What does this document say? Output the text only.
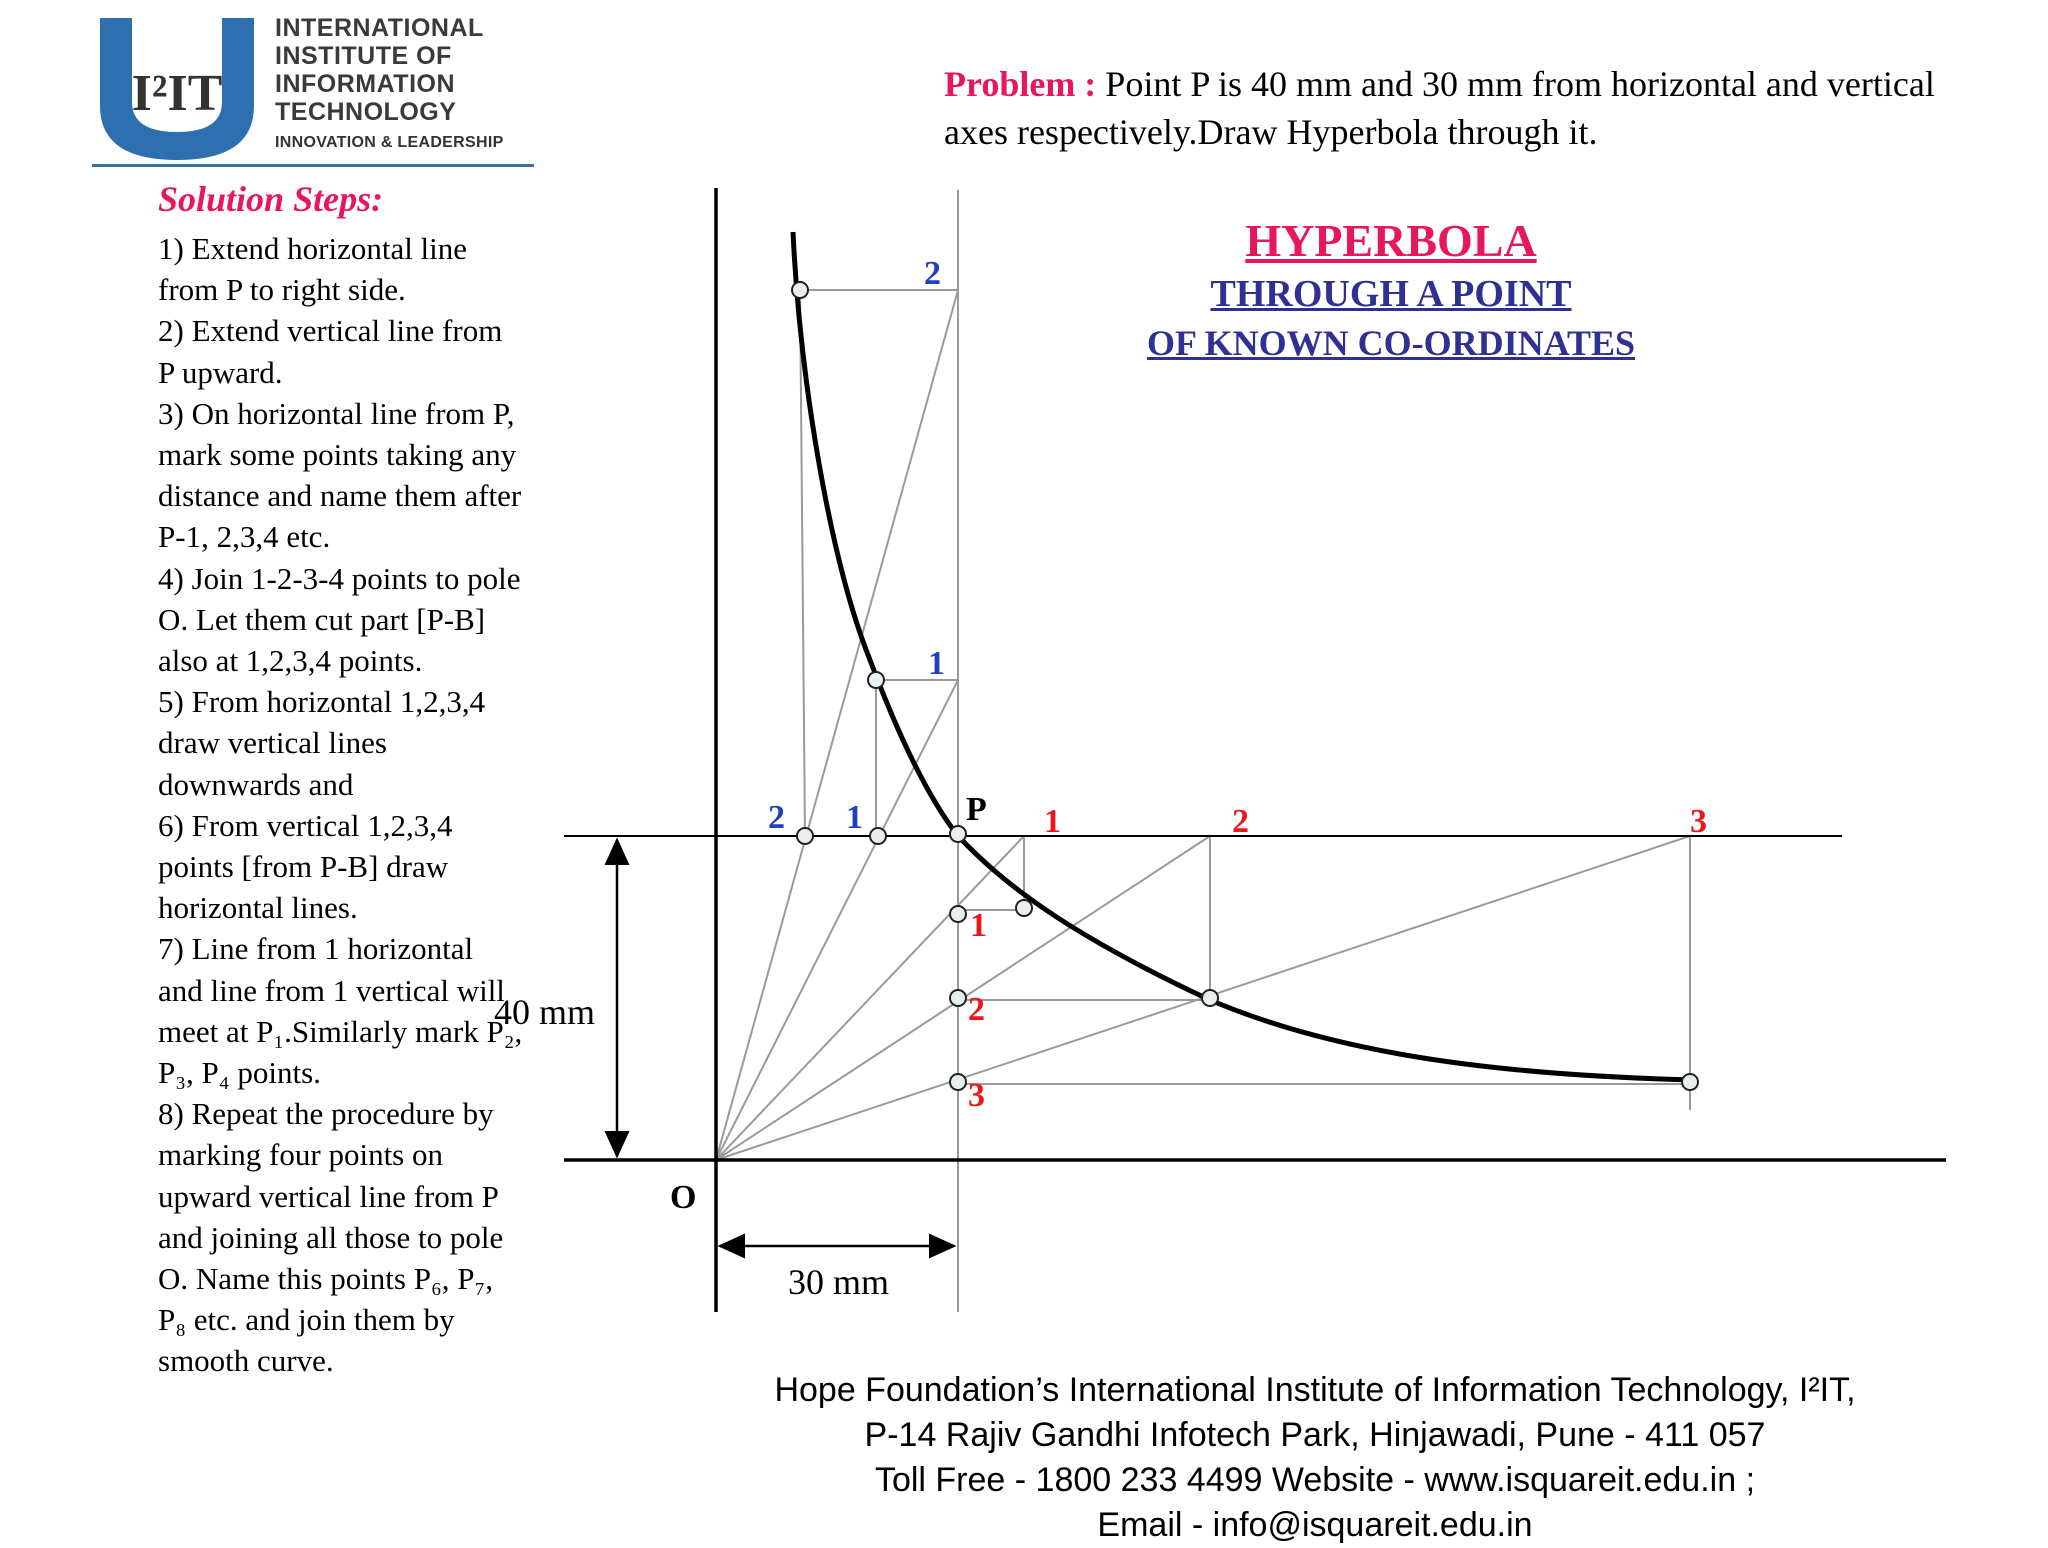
I²IT
INTERNATIONAL
INSTITUTE OF
INFORMATION
TECHNOLOGY
INNOVATION & LEADERSHIP
Solution Steps:

1) Extend horizontal line from P to right side.

2) Extend vertical line from P upward.

3) On horizontal line from P, mark some points taking any distance and name them after P-1, 2,3,4 etc.

4) Join 1-2-3-4 points to pole O. Let them cut part [P-B] also at 1,2,3,4 points.

5) From horizontal 1,2,3,4 draw vertical lines downwards and

6) From vertical 1,2,3,4 points [from P-B] draw horizontal lines.

7) Line from 1 horizontal and line from 1 vertical will meet at P₁.Similarly mark P₂, P₃, P₄ points.

8) Repeat the procedure by marking four points on upward vertical line from P and joining all those to pole O. Name this points P₆, P₇, P₈ etc. and join them by smooth curve.

Problem : Point P is 40 mm and 30 mm from horizontal and vertical axes respectively.Draw Hyperbola through it.
HYPERBOLA
THROUGH A POINT
OF KNOWN CO-ORDINATES
P
O
1	2	3
1
2
3
1
2
1
2
40 mm
30 mm
Hope Foundation’s International Institute of Information Technology, I²IT,
P-14 Rajiv Gandhi Infotech Park, Hinjawadi, Pune - 411 057
Toll Free - 1800 233 4499 Website - www.isquareit.edu.in ;
Email - info@isquareit.edu.in
